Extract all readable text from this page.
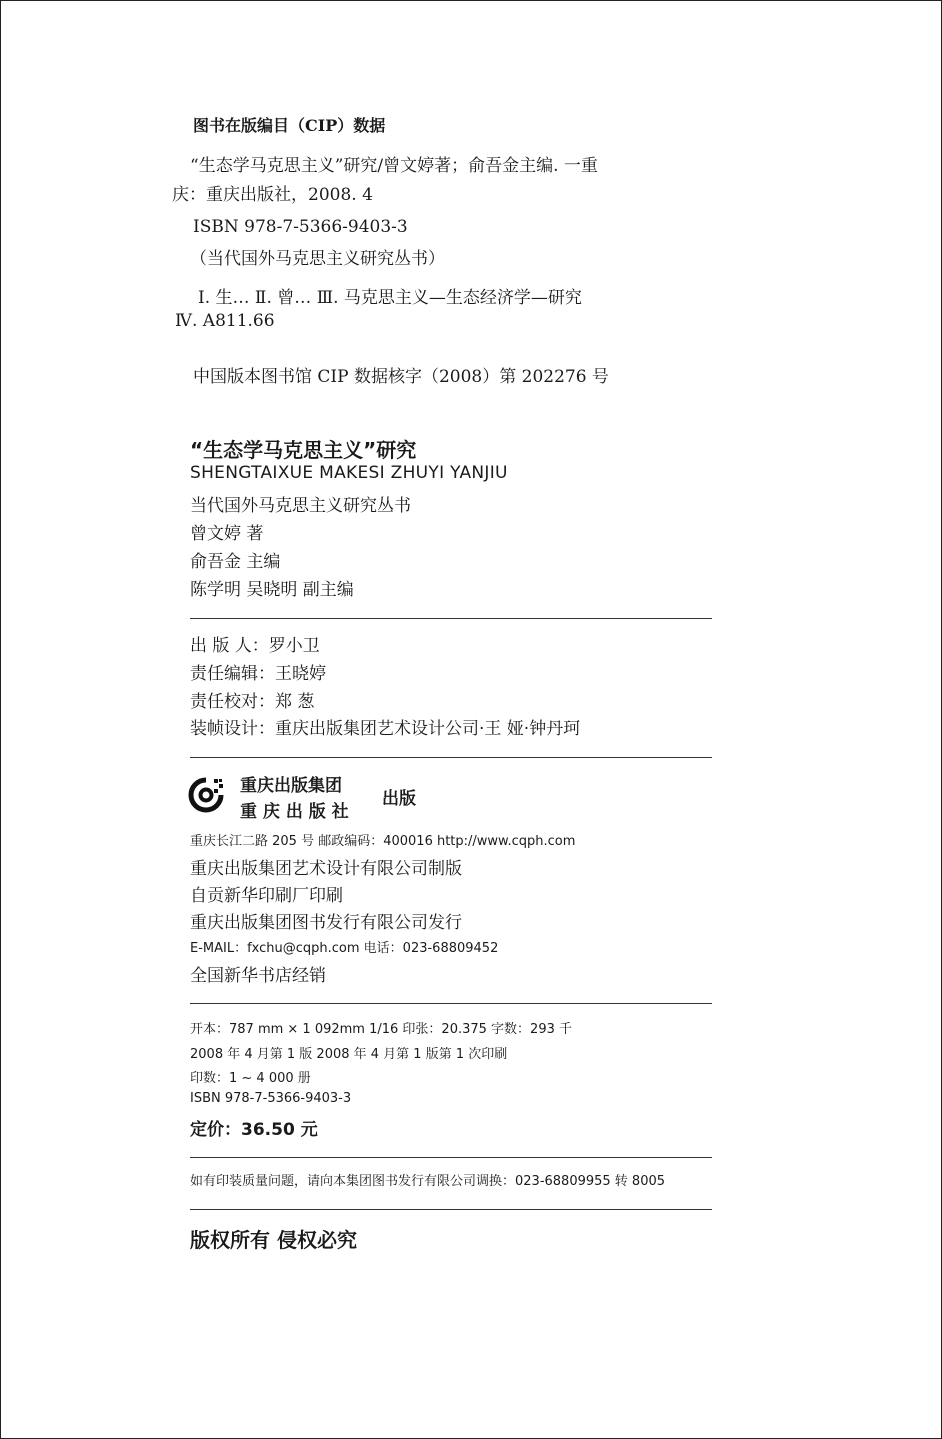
图书在版编目（CIP）数据
“生态学马克思主义”研究/曾文婷著；俞吾金主编. 一重
庆：重庆出版社，2008. 4
ISBN 978-7-5366-9403-3
（当代国外马克思主义研究丛书）
Ⅰ. 生… Ⅱ. 曾… Ⅲ. 马克思主义—生态经济学—研究
Ⅳ. A811.66
中国版本图书馆 CIP 数据核字（2008）第 202276 号
“生态学马克思主义”研究
SHENGTAIXUE MAKESI ZHUYI YANJIU
当代国外马克思主义研究丛书
曾文婷 著
俞吾金 主编
陈学明 吴晓明 副主编
出 版 人：罗小卫
责任编辑：王晓婷
责任校对：郑 葱
装帧设计：重庆出版集团艺术设计公司·王 娅·钟丹珂
重庆出版集团
重 庆 出 版 社
出版
重庆长江二路 205 号 邮政编码：400016 http://www.cqph.com
重庆出版集团艺术设计有限公司制版
自贡新华印刷厂印刷
重庆出版集团图书发行有限公司发行
E-MAIL：fxchu@cqph.com 电话：023-68809452
全国新华书店经销
开本：787 mm × 1 092mm 1/16 印张：20.375 字数：293 千
2008 年 4 月第 1 版 2008 年 4 月第 1 版第 1 次印刷
印数：1 ~ 4 000 册
ISBN 978-7-5366-9403-3
定价：36.50 元
如有印装质量问题，请向本集团图书发行有限公司调换：023-68809955 转 8005
版权所有 侵权必究
